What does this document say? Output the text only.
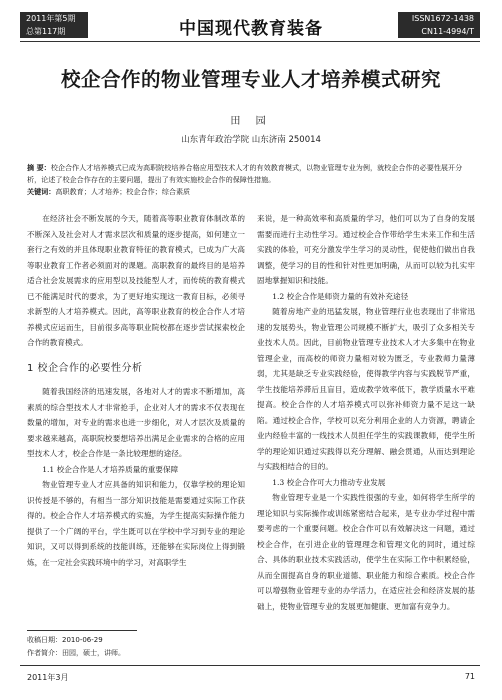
2011年第5期
总第117期	中国现代教育装备
ISSN1672-1438
CN11-4994/T
校企合作的物业管理专业人才培养模式研究
田 园
山东青年政治学院 山东济南 250014
摘 要：校企合作人才培养模式已成为高职院校培养合格应用型技术人才的有效教育模式，以物业管理专业为例，就校企合作的必要性展开分析，论述了校企合作存在的主要问题，提出了有效实施校企合作的保障性措施。
关键词：高职教育；人才培养；校企合作；综合素质

在经济社会不断发展的今天，随着高等职业教育体制改革的不断深入及社会对人才需求层次和质量的逐步提高，如何建立一套行之有效的并且体现职业教育特征的教育模式，已成为广大高等职业教育工作者必须面对的课题。高职教育的最终目的是培养适合社会发展需求的应用型以及技能型人才，而传统的教育模式已不能满足时代的要求，为了更好地实现这一教育目标，必须寻求新型的人才培养模式。因此，高等职业教育的校企合作人才培养模式应运而生，目前很多高等职业院校都在逐步尝试探索校企合作的教育模式。

1 校企合作的必要性分析

随着我国经济的迅速发展，各地对人才的需求不断增加，高素质的综合型技术人才非常抢手，企业对人才的需求不仅表现在数量的增加，对专业的需求也进一步细化，对人才层次及质量的要求越来越高，高职院校要想培养出满足企业需求的合格的应用型技术人才，校企合作是一条比较理想的途径。

1.1 校企合作是人才培养质量的重要保障

物业管理专业人才应具备的知识和能力，仅靠学校的理论知识传授是不够的，有相当一部分知识技能是需要通过实际工作获得的。校企合作人才培养模式的实施，为学生提高实际操作能力提供了一个广阔的平台，学生既可以在学校中学习到专业的理论知识，又可以得到系统的技能训练，还能够在实际岗位上得到锻炼，在一定社会实践环境中的学习，对高职学生

来说，是一种高效率和高质量的学习，他们可以为了自身的发展需要而进行主动性学习。通过校企合作带给学生未来工作和生活实践的体验，可充分激发学生学习的灵动性，促使他们做出自我调整，使学习的目的性和针对性更加明确，从而可以较为扎实牢固地掌握知识和技能。

1.2 校企合作是师资力量的有效补充途径

随着房地产业的迅猛发展，物业管理行业也表现出了非常迅速的发展势头，物业管理公司规模不断扩大，吸引了众多相关专业技术人员。因此，目前物业管理专业技术人才大多集中在物业管理企业，而高校的师资力量相对较为匮乏，专业教师力量薄弱，尤其是缺乏专业实践经验，使得教学内容与实践脱节严重，学生技能培养滞后且盲目，造成教学效率低下，教学质量水平难提高。校企合作的人才培养模式可以弥补师资力量不足这一缺陷。通过校企合作，学校可以充分利用企业的人力资源，聘请企业内经验丰富的一线技术人员担任学生的实践课教师，使学生所学的理论知识通过实践得以充分理解、融会贯通，从而达到理论与实践相结合的目的。

1.3 校企合作可大力推动专业发展

物业管理专业是一个实践性很强的专业，如何将学生所学的理论知识与实际操作或训练紧密结合起来，是专业办学过程中需要考虑的一个重要问题。校企合作可以有效解决这一问题，通过校企合作，在引进企业的管理理念和管理文化的同时，通过综合、具体的职业技术实践活动，使学生在实际工作中积累经验，从而全面提高自身的职业道德、职业能力和综合素质。校企合作可以增强物业管理专业的办学活力，在适应社会和经济发展的基础上，使物业管理专业的发展更加健康、更加富有竞争力。

收稿日期：2010-06-29
作者简介：田园，硕士，讲师。
2011年3月	71
